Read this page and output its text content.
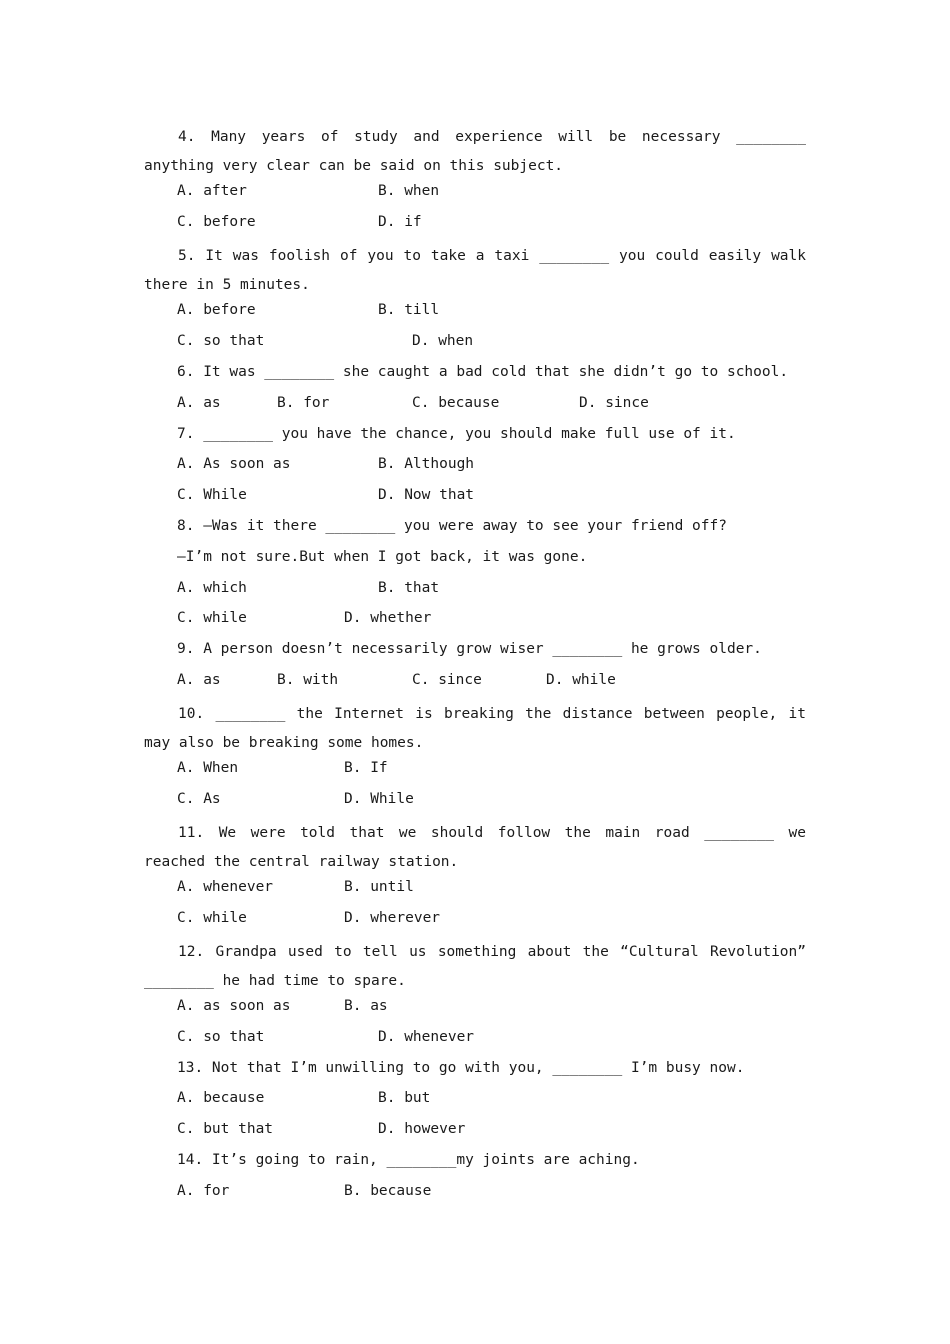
4. Many years of study and experience will be necessary ________ anything very clear can be said on this subject.
A. after	B. when
C. before	D. if
5. It was foolish of you to take a taxi ________ you could easily walk there in 5 minutes.
A. before	B. till
C. so that	D. when
6. It was ________ she caught a bad cold that she didn’t go to school.
A. as	B. for	C. because	D. since
7. ________ you have the chance, you should make full use of it.
A. As soon as	B. Although
C. While	D. Now that
8. —Was it there ________ you were away to see your friend off?
—I’m not sure.But when I got back, it was gone.
A. which	B. that
C. while	D. whether
9. A person doesn’t necessarily grow wiser ________ he grows older.
A. as	B. with	C. since	D. while
10. ________ the Internet is breaking the distance between people, it may also be breaking some homes.
A. When	B. If
C. As	D. While
11. We were told that we should follow the main road ________ we reached the central railway station.
A. whenever	B. until
C. while	D. wherever
12. Grandpa used to tell us something about the “Cultural Revolution” ________ he had time to spare.
A. as soon as	B. as
C. so that	D. whenever
13. Not that I’m unwilling to go with you, ________ I’m busy now.
A. because	B. but
C. but that	D. however
14. It’s going to rain, ________my joints are aching.
A. for	B. because
